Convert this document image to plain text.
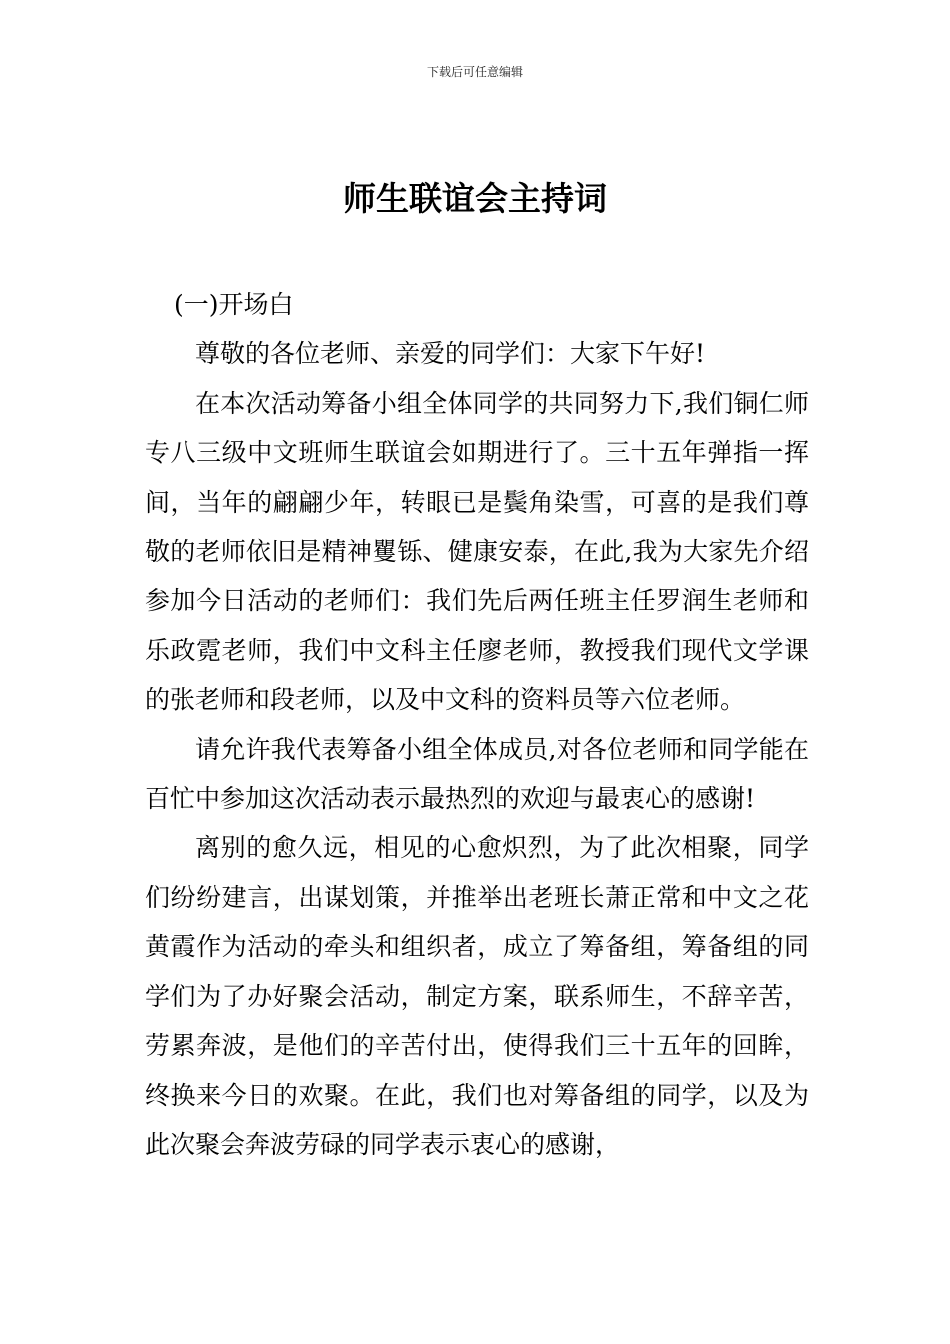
下载后可任意编辑
师生联谊会主持词

(一)开场白

尊敬的各位老师、亲爱的同学们：大家下午好!

在本次活动筹备小组全体同学的共同努力下,我们铜仁师专八三级中文班师生联谊会如期进行了。三十五年弹指一挥间，当年的翩翩少年，转眼已是鬓角染雪，可喜的是我们尊敬的老师依旧是精神矍铄、健康安泰，在此,我为大家先介绍参加今日活动的老师们：我们先后两任班主任罗润生老师和乐政霓老师，我们中文科主任廖老师，教授我们现代文学课的张老师和段老师，以及中文科的资料员等六位老师。

请允许我代表筹备小组全体成员,对各位老师和同学能在百忙中参加这次活动表示最热烈的欢迎与最衷心的感谢!

离别的愈久远，相见的心愈炽烈，为了此次相聚，同学们纷纷建言，出谋划策，并推举出老班长萧正常和中文之花黄霞作为活动的牵头和组织者，成立了筹备组，筹备组的同学们为了办好聚会活动，制定方案，联系师生，不辞辛苦，劳累奔波，是他们的辛苦付出，使得我们三十五年的回眸，终换来今日的欢聚。在此，我们也对筹备组的同学，以及为此次聚会奔波劳碌的同学表示衷心的感谢，
